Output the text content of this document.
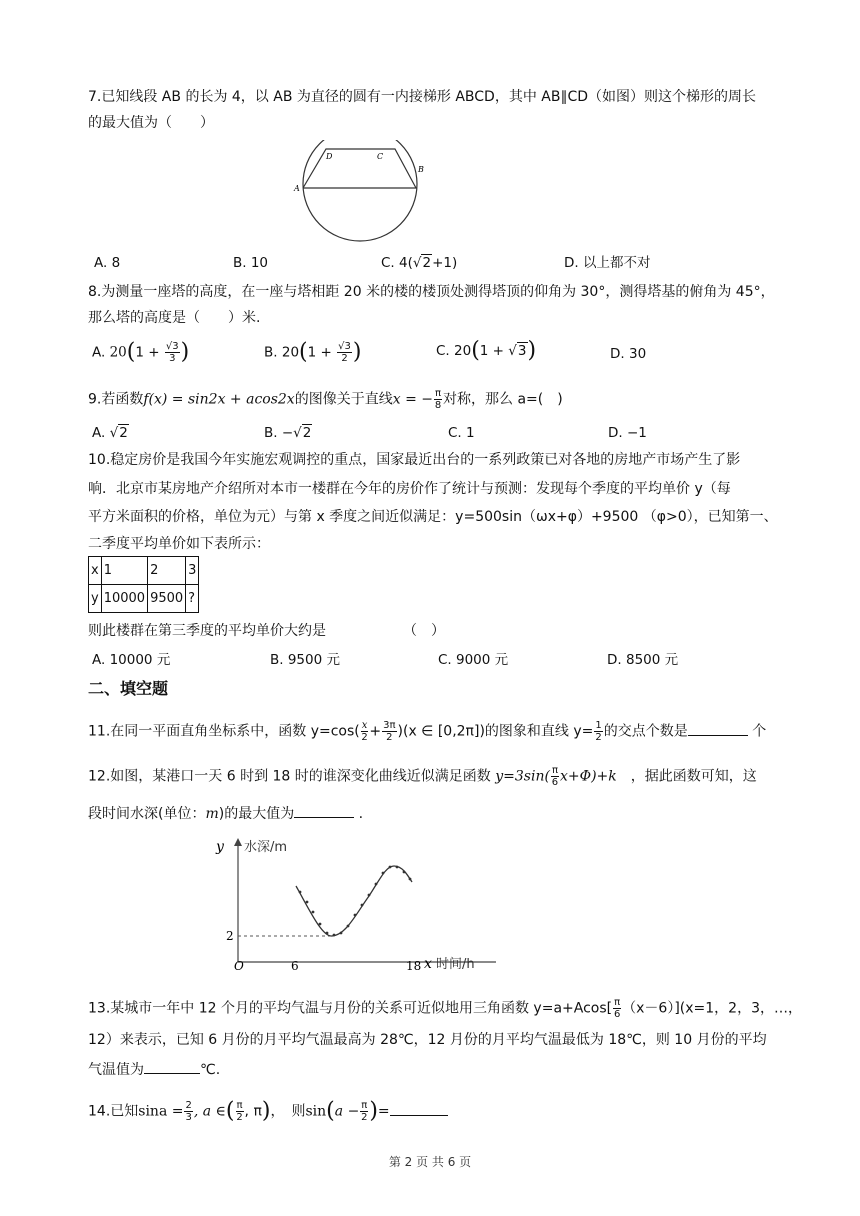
7.已知线段 AB 的长为 4，以 AB 为直径的圆有一内接梯形 ABCD，其中 AB∥CD（如图）则这个梯形的周长
的最大值为（　　）
A
B
C
D
A. 8	B. 10	C. 4(√2+1)	D. 以上都不对
8.为测量一座塔的高度，在一座与塔相距 20 米的楼的楼顶处测得塔顶的仰角为 30°，测得塔基的俯角为 45°，
那么塔的高度是（　　）米.
A. $20(1 + \frac{√3}{3}$ )	B. $20(1 + \frac{√3}{2}$ )	C. 20(1 + √3)	D. 30
9.若函数f(x) = sin2x + acos2x的图像关于直线x = − $\frac{\pi}{8}$ 对称，那么 a=(　)
A. √2	B. −√2	C. 1	D. −1
10.稳定房价是我国今年实施宏观调控的重点，国家最近出台的一系列政策已对各地的房地产市场产生了影
响．北京市某房地产介绍所对本市一楼群在今年的房价作了统计与预测：发现每个季度的平均单价 y（每
平方米面积的价格，单位为元）与第 x 季度之间近似满足：y=500sin（ωx+φ）+9500 （φ>0），已知第一、
二季度平均单价如下表所示：
x	1	2	3
y	10000	9500	?
则此楼群在第三季度的平均单价大约是　　　　　　（　）
A. 10000 元	B. 9500 元	C. 9000 元	D. 8500 元
二、填空题
11.在同一平面直角坐标系中，函数 $y=\cos( \frac{x}{2} + \frac{3\pi}{2} )(x$ ∈ [0,2π])的图象和直线 $y= \frac{1}{2}$ 的交点个数是	个
12.如图，某港口一天 6 时到 18 时的谁深变化曲线近似满足函数 $y=3\sin( \frac{\pi}{6} x+\Phi)+k$　 ，据此函数可知，这
段时间水深(单位：m)的最大值为	.
y 水深/m
x 时间/h
O	6	18
2
13.某城市一年中 12 个月的平均气温与月份的关系可近似地用三角函数 $y=a+Acos[ \frac{\pi}{6} (x-6)](x=1$，2，3，…，
12）来表示，已知 6 月份的月平均气温最高为 28℃，12 月份的月平均气温最低为 18℃，则 10 月份的平均
气温值为	℃.
14.已知$\sin a = \frac{2}{3}$ , a ∈( $\frac{\pi}{2}$ , π)，　则$\sin(a - \frac{\pi}{2}$ )=
第 2 页 共 6 页
